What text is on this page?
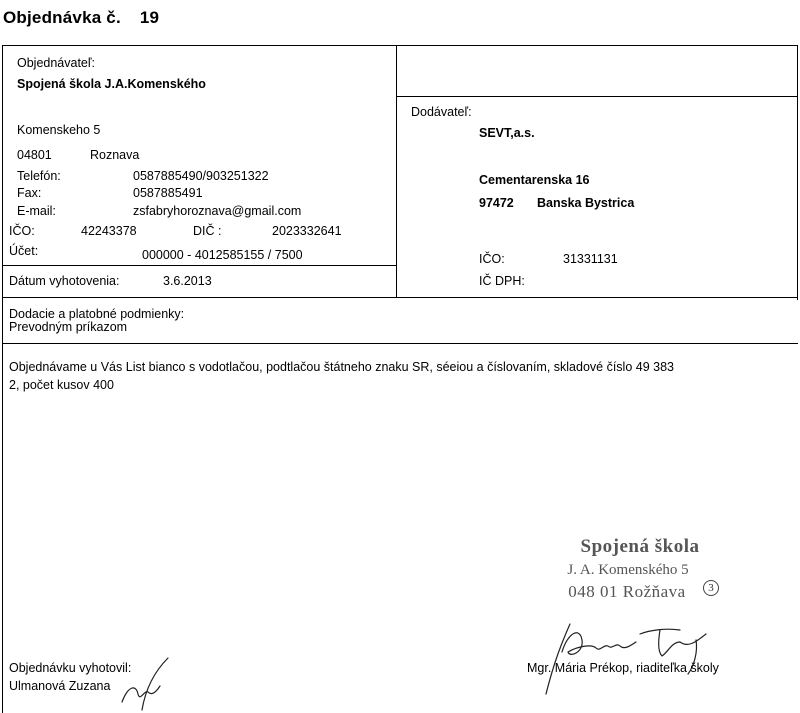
Objednávka č. 19
Objednávateľ:
Spojená škola J.A.Komenského
Komenskeho 5
04801	Roznava
Telefón:	0587885490/903251322
Fax:	0587885491
E-mail:	zsfabryhoroznava@gmail.com
IČO:	42243378	DIČ :	2023332641
Účet:	000000 - 4012585155 / 7500
Dátum vyhotovenia:	3.6.2013
Dodávateľ:
SEVT,a.s.
Cementarenska 16
97472 Banska Bystrica
IČO:	31331131
IČ DPH:
Dodacie a platobné podmienky:
Prevodným príkazom
Objednávame u Vás List bianco s vodotlačou, podtlačou štátneho znaku SR, séeiou a číslovaním, skladové číslo 49 383
2, počet kusov 400
Spojená škola
J. A. Komenského 5
048 01 Rožňava	3
Mgr. Mária Prékop, riaditeľka školy
Objednávku vyhotovil:
Ulmanová Zuzana
